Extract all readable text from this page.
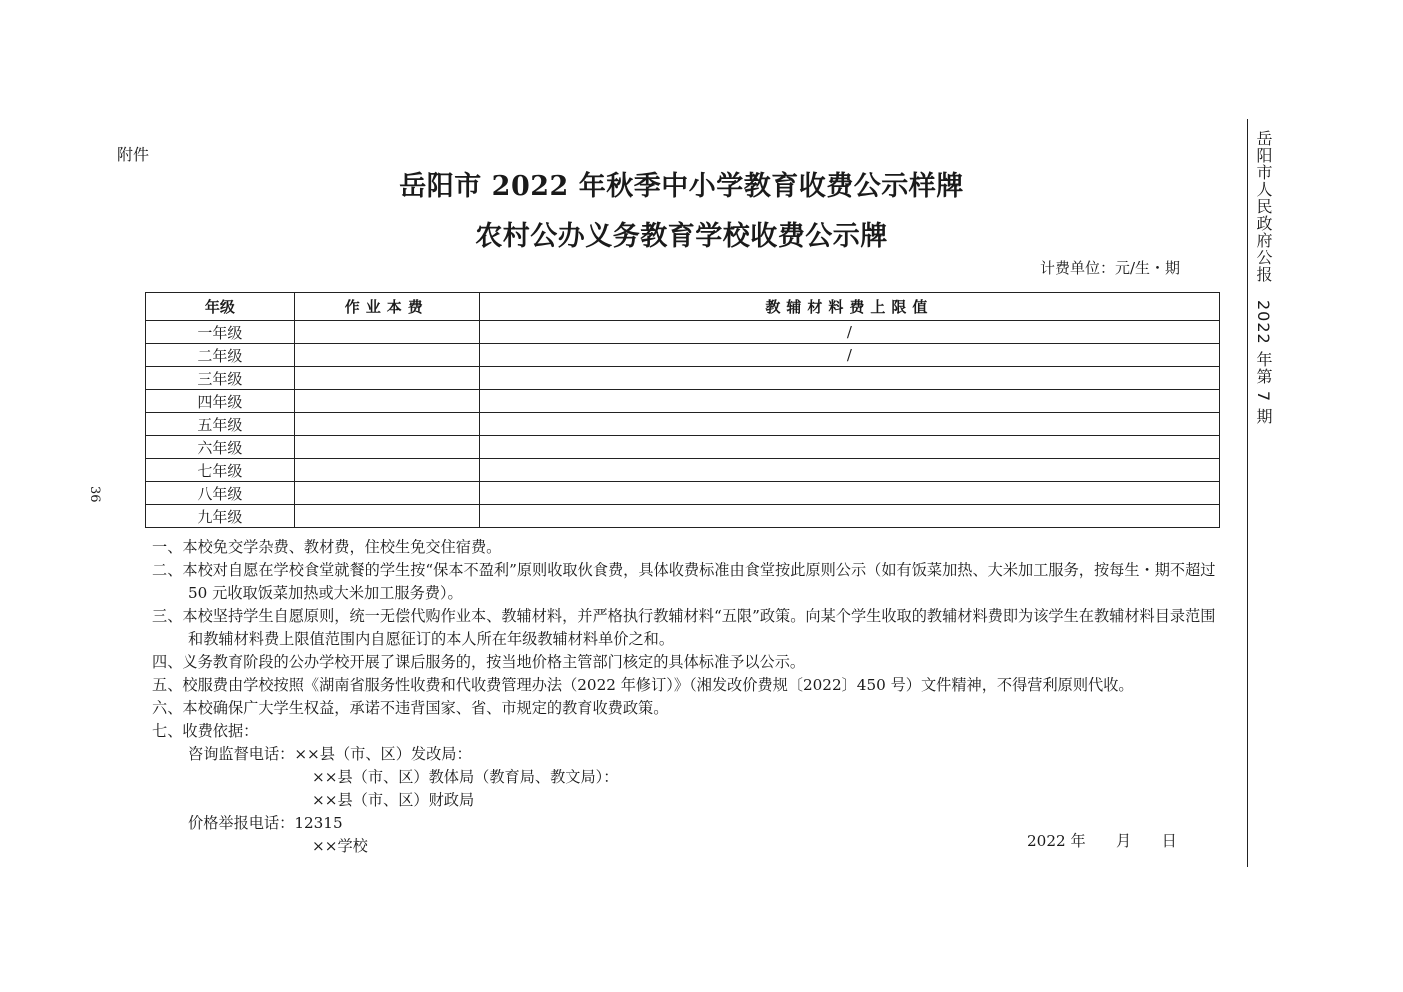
附件
岳阳市 2022 年秋季中小学教育收费公示样牌
农村公办义务教育学校收费公示牌
计费单位：元/生・期
36
年级	作业本费	教辅材料费上限值
一年级		/
二年级		/
三年级		
四年级		
五年级		
六年级		
七年级		
八年级		
九年级		
一、本校免交学杂费、教材费，住校生免交住宿费。
二、本校对自愿在学校食堂就餐的学生按“保本不盈利”原则收取伙食费，具体收费标准由食堂按此原则公示（如有饭菜加热、大米加工服务，按每生・期不超过 50 元收取饭菜加热或大米加工服务费）。
三、本校坚持学生自愿原则，统一无偿代购作业本、教辅材料，并严格执行教辅材料“五限”政策。向某个学生收取的教辅材料费即为该学生在教辅材料目录范围和教辅材料费上限值范围内自愿征订的本人所在年级教辅材料单价之和。
四、义务教育阶段的公办学校开展了课后服务的，按当地价格主管部门核定的具体标准予以公示。
五、校服费由学校按照《湖南省服务性收费和代收费管理办法（2022 年修订）》（湘发改价费规〔2022〕450 号）文件精神，不得营利原则代收。
六、本校确保广大学生权益，承诺不违背国家、省、市规定的教育收费政策。
七、收费依据：
咨询监督电话：××县（市、区）发改局：
××县（市、区）教体局（教育局、教文局）：
××县（市、区）财政局
价格举报电话：12315
××学校	2022 年　　月　　日
岳阳市人民政府公报　2022 年第 7 期
